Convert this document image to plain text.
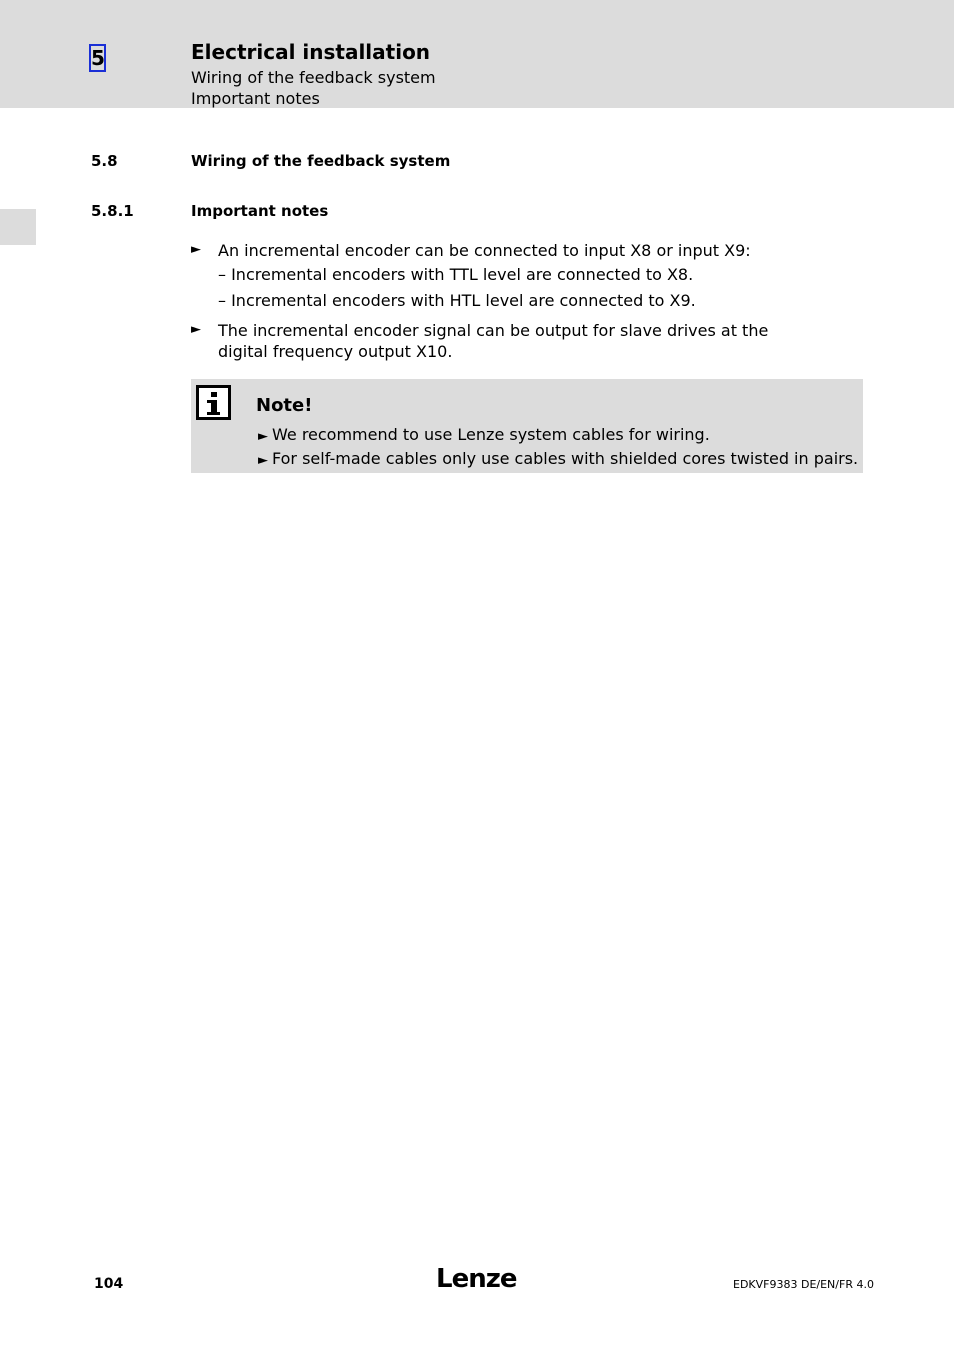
5	Electrical installation
Wiring of the feedback system
Important notes
5.8	Wiring of the feedback system
5.8.1	Important notes
► An incremental encoder can be connected to input X8 or input X9:
– Incremental encoders with TTL level are connected to X8.
– Incremental encoders with HTL level are connected to X9.
► The incremental encoder signal can be output for slave drives at the digital frequency output X10.
Note!
► We recommend to use Lenze system cables for wiring.
► For self-made cables only use cables with shielded cores twisted in pairs.
104	Lenze	EDKVF9383 DE/EN/FR 4.0
